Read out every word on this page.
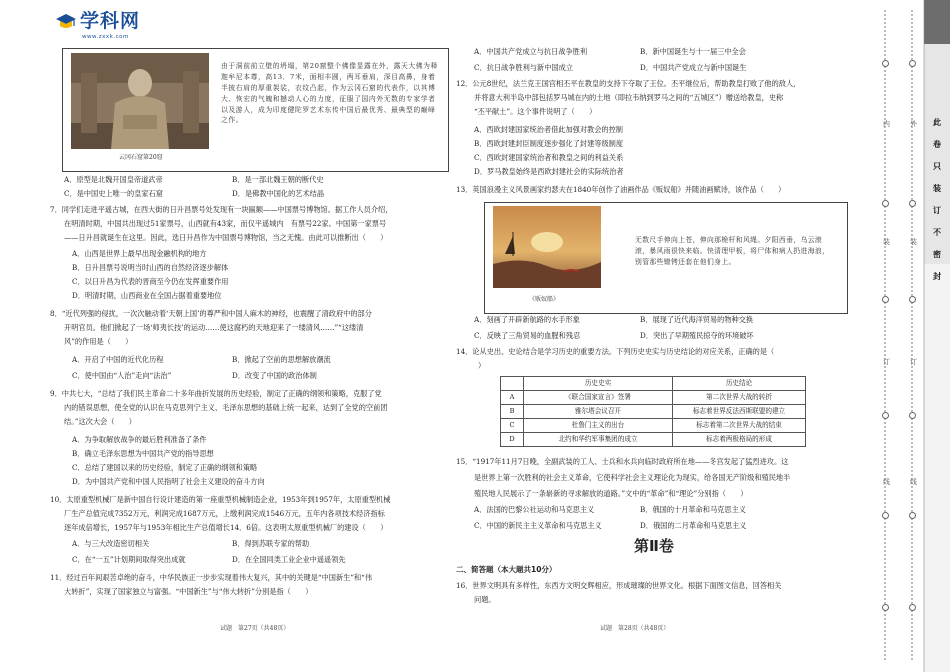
学科网
www.zxxk.com
云冈石窟第20窟
由于洞前前立壁的坍塌，第20窟整个佛像显露在外，露天大佛为释迦牟尼本尊，高13．7米，面相丰圆，两耳垂肩，深目高鼻，身着半披右肩的厚重袈裟，衣纹凸起，作为云冈石窟的代表作，以其博大、恢宏的气魄和撼动人心的力度，征服了国内外无数的专家学者以及游人，成为印度健陀罗艺术东传中国后最优秀、最典型的巅峰之作。
A．原型是北魏开国皇帝道武帝	B．是一部北魏王朝的断代史
C．是中国史上唯一的皇家石窟	D．是佛教中国化的艺术结晶
7．同学们走进平遥古城，在西大街的日升昌票号处发现有一块匾额——中国票号博物馆。据工作人员介绍，
在明清时期，中国共出现过51家票号，山西就有43家，而仅平遥城内　有票号22家。中国第一家票号
——日升昌就诞生在这里。因此，选日升昌作为中国票号博物馆，当之无愧。由此可以推断出（　　）
A．山西是世界上最早出现金融机构的地方
B．日升昌票号说明当时山西的自然经济逐步解体
C．以日升昌为代表的晋商至今仍在发挥重要作用
D．明清时期，山西商业在全国占据着重要地位
8．“近代列强的侵扰，一次次触动着‘天朝上国’的尊严和中国人麻木的神经，也震醒了清政府中的部分
开明官员。他们掀起了一场‘师夷长技’的运动……使这腐朽的天地迎来了一缕清风……”“这缕清
风”的作用是（　　）
A．开启了中国的近代化历程	B．掀起了空前的思想解放潮流
C．使中国由“人治”走向“法治”	D．改变了中国的政治体制
9．中共七大，“总结了我们民主革命二十多年曲折发展的历史经验，制定了正确的纲领和策略，克服了党
内的错误思想，使全党的认识在马克思列宁主义、毛泽东思想的基础上统一起来，达到了全党的空前团
结。”这次大会（　　）
A．为争取解放战争的最后胜利准备了条件
B．确立毛泽东思想为中国共产党的指导思想
C．总结了建国以来的历史经验，制定了正确的纲领和策略
D．为中国共产党和中国人民指明了社会主义建设的奋斗方向
10．太原重型机械厂是新中国自行设计建造的第一座重型机械制造企业，1953年到1957年，太原重型机械
厂生产总值完成7352万元，利润完成1687万元，上缴利润完成1546万元，五年内各项技术经济指标
逐年成倍增长，1957年与1953年相比生产总值增长14．6倍。这表明太原重型机械厂的建设（　　）
A．与三大改造密切相关	B．得到苏联专家的帮助
C．在“一五”计划期间取得突出成就	D．在全国同类工业企业中遥遥领先
11．经过百年间艰苦卓绝的奋斗，中华民族正一步步实现着伟大复兴，其中的关键是“中国新生”和“伟
大转折”，实现了国家独立与富强。“中国新生”与“伟大转折”分别是指（　　）
试题　第27页（共48页）
A．中国共产党成立与抗日战争胜利	B．新中国诞生与十一届三中全会
C．抗日战争胜利与新中国成立	D．中国共产党成立与新中国诞生
12．公元8世纪，法兰克王国宫相丕平在教皇的支持下夺取了王位。丕平继位后，帮助教皇打败了他的敌人，
并将意大利半岛中部包括罗马城在内的土地（即拉韦纳到罗马之间的“五城区”）赠送给教皇，史称
“丕平献土”。这个事件说明了（　　）
A．西欧封建国家统治者借此加强对教会的控制
B．西欧封建封臣制度逐步强化了封建等级制度
C．西欧封建国家统治者和教皇之间的利益关系
D．罗马教皇始终是西欧封建社会的实际统治者
13．英国浪漫主义风景画家约瑟夫在1840年创作了油画作品《贩奴船》并随油画赋诗，该作品（　　）
《贩奴船》
无数尺手伸向上苍，伸向那桅杆和风绳。夕阳西垂，乌云滚滚，暴风雨很快来临。快清理甲板，将尸体和病人扔进海浪，别管那些镣铐还套在他们身上。
A．刻画了开辟新航路的水手形象	B．展现了近代海洋贸易的物种交换
C．反映了三角贸易的血腥和残忍	D．突出了早期殖民掠夺的环境破坏
14．论从史出、史论结合是学习历史的重要方法。下列历史史实与历史结论的对应关系，正确的是（
）
	历史史实	历史结论
A	《联合国家宣言》签署	第二次世界大战的转折
B	雅尔塔会议召开	标志着世界反法西斯联盟的建立
C	杜鲁门主义的出台	标志着第二次世界大战的结束
D	北约和华约军事集团的成立	标志着两极格局的形成
15．“1917年11月7日晚，全副武装的工人、士兵和水兵向临时政府所在地——冬宫发起了猛烈进攻。这
是世界上第一次胜利的社会主义革命，它使科学社会主义理论化为现实，给各国无产阶级和殖民地半
殖民地人民展示了一条崭新的寻求解放的道路。”文中的“革命”和“理论”分别指（　　）
A．法国的巴黎公社运动和马克思主义	B．俄国的十月革命和马克思主义
C．中国的新民主主义革命和马克思主义	D．俄国的二月革命和马克思主义
第Ⅱ卷
二、简答题（本大题共10分）
16．世界文明具有多样性，东西方文明交辉相应，形成璀璨的世界文化。根据下面图文信息，回答相关
问题。
试题　第28页（共48页）
内
装
订
线
外
装
订
线
此
卷
只
装
订
不
密
封
